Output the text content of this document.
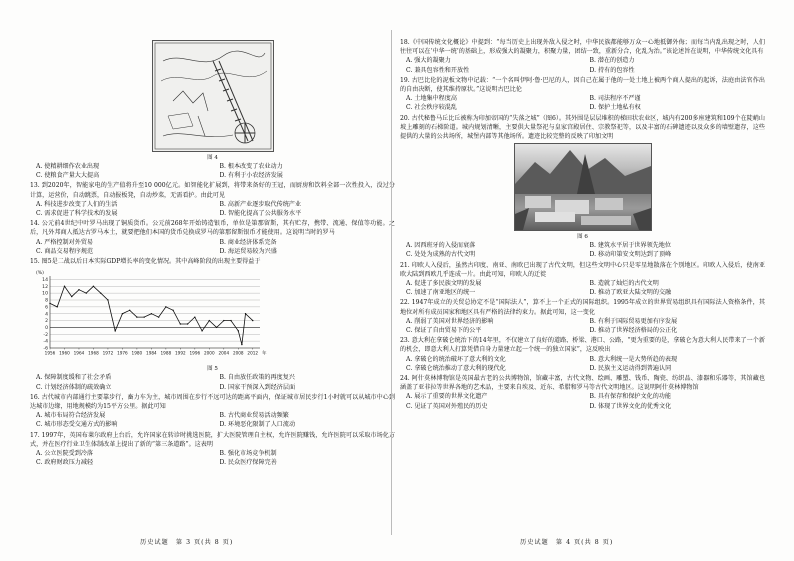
图 4
A. 使精耕细作农业出现	B. 根本改变了农业动力
C. 使粮食产量大大提高	D. 有利于小农经济发展

13. 到2020年，智能家电的生产值将升至10 000亿元。如智能化扩展到，将带来备好的王冠，而厨房和饮料全部一次性投入，没过分计算，运营价，自动跳票，自动报板凳，自动炒菜，无需看护。由此可见

A. 科技进步改变了人们的生活	B. 高新产业逐步取代传统产业
C. 需求促进了科学技术的发展	D. 智能化提高了公共服务水平

14. 公元前4世纪中叶罗马出现了铜质货币。公元前268年开始铸造银币，单位是第那留斯，其有贮存，携带、流通、保值等功能。之后，凡外邦商人抵达古罗马本土，就要把他们本国的货币兑换成罗马的第那留斯银币才能使用。这说明当时的罗马

A. 严格控制对外贸易	B. 商业经济体系完备
C. 商品交易程序规范	D. 海运贸易较为兴盛

15. 图5是二战以后日本实际GDP增长率的变化情况。其中高峰阶段的出现主要得益于

14
12
10
8
6
4
2
0
-2
-4
-6
(%)
1956 1960 1964 1968 1972 1976 1980 1984 1988 1992 1996 2000 2004 2008 2012 年
图 5
A. 保障制度缓和了社会矛盾	B. 自由放任政策的再度复兴
C. 计划经济体制的疏效确立	D. 国家干预深入到经济层面

16. 古代城市内部通行主要靠步行，畜力车为主，城市周围在步行不远可达的距离平面内，保证城市居民步行1小时就可以从城市中心到达城市边缘，用地规模约为15平方公里。据此可知

A. 城市布局符合经济发展	B. 古代商业贸易活动频繁
C. 城市形态受交通方式的影响	D. 环境恶化限制了人口流动

17. 1997年，英国布莱尔政府上台后，允许国家在转诊时挑选医院，扩大医院管理自主权，允许医院赚钱，允许医院可以采取市场化方式，并在医疗行业卫生体制改革上提出了新的“第三条道路”。这表明

A. 公立医院受到冷落	B. 强化市场竞争机制
C. 政府财政压力减轻	D. 民众医疗保障完善

18.《中国传统文化概论》中提到：“每当历史上出现外敌入侵之时，中华民族都能够万众一心地抵御外侮；而每当内乱出现之时，人们往往可以在‘中华一统’的基础上，形成强大的凝聚力，积聚力量，团结一致，重新分合，化乱为治。”该论述旨在说明，中华传统文化具有

A. 强大的凝聚力	B. 潜在的创造力
C. 兼具包容性和开放性	D. 持有的包容性

19. 古巴比伦的泥板文物中记载：“一个名叫伊阿·鲁·巴尼的人，因自己在属于他的一处土地上被两个商人提出的起诉，法庭由法官作出的自由决断，使其维持原状。”这说明古巴比伦

A. 土地集中程度高	B. 司法程序不严谨
C. 社会秩序较混乱	D. 保护土地私有权

20. 古代秘鲁马丘比丘被称为印加帝国的“失落之城”（图6）。其外围是层层堆积的梯田状农业区，城内有200多座建筑和109个在陡峭山坡上雕刻的石梯阶道。城内规划清晰，主要供大量祭祀与皇家宫殿居住、宗教祭祀等，以及丰富的石碑遗迹以及众多的墙壁遗存，这些提供的大量的公共场所，城堡内部等其他场所。遗迹比较完整的反映了印加文明

图 6
A. 因西班牙的入侵而衰落	B. 建筑水平居于世界领先地位
C. 处处为成熟的古代文明	D. 移动印第安文明达到了顶峰

21. 印欧人入侵后，虽然古印度、南亚、南欧已出现了古代文明，但这些文明中心只是零星地散落在个别地区。印欧人入侵后，使南亚欧大陆到西欧几乎连成一片。由此可知，印欧人的迁徙

A. 促进了多民族文明的发展	B. 造就了灿烂的古代文明
C. 加速了南亚地区的统一	D. 推动了欧亚大陆文明的交融

22. 1947年成立的关贸总协定不是“国际法人”，算不上一个正式的国际组织。1995年成立的世界贸易组织具有国际法人资格条件，其地位对所有成员国家和地区具有严格的法律约束力。据此可知，这一变化

A. 削弱了美国对世界经济的影响	B. 有利于国际贸易更加有序发展
C. 保证了自由贸易下的公平	D. 推动了世界经济格局的公正化

23. 意大利在拿破仑统治下的14年里，不仅建立了良好的道路、桥梁、港口、公路，“更为重要的是，拿破仑为意大利人民带来了一个新的机会，即意大利人打算凭借自身力量建立起一个统一的独立国家”，这反映出

A. 拿破仑的统治破坏了意大利的文化	B. 意大利统一是大势所趋的表现
C. 拿破仑统治推动了意大利的现代化	D. 民族主义运动得到普遍认同

24. 阿什莫林博物馆是英国最古老的公共博物馆，馆藏丰富，古代文物、绘画、雕塑、钱币、陶瓷、纺织品、漆器和乐器等，其馆藏也涵盖了亚非拉等世界各地的艺术品，主要来自埃及、近东、希腊和罗马等古代文明地区。这说明阿什莫林博物馆

A. 展示了重要的世界文化遗产	B. 具有保存和保护文化的功能
C. 见证了英国对外殖民的历史	D. 体现了世界文化的优秀文化
历史试题　第 3 页(共 8 页)	历史试题　第 4 页(共 8 页)
